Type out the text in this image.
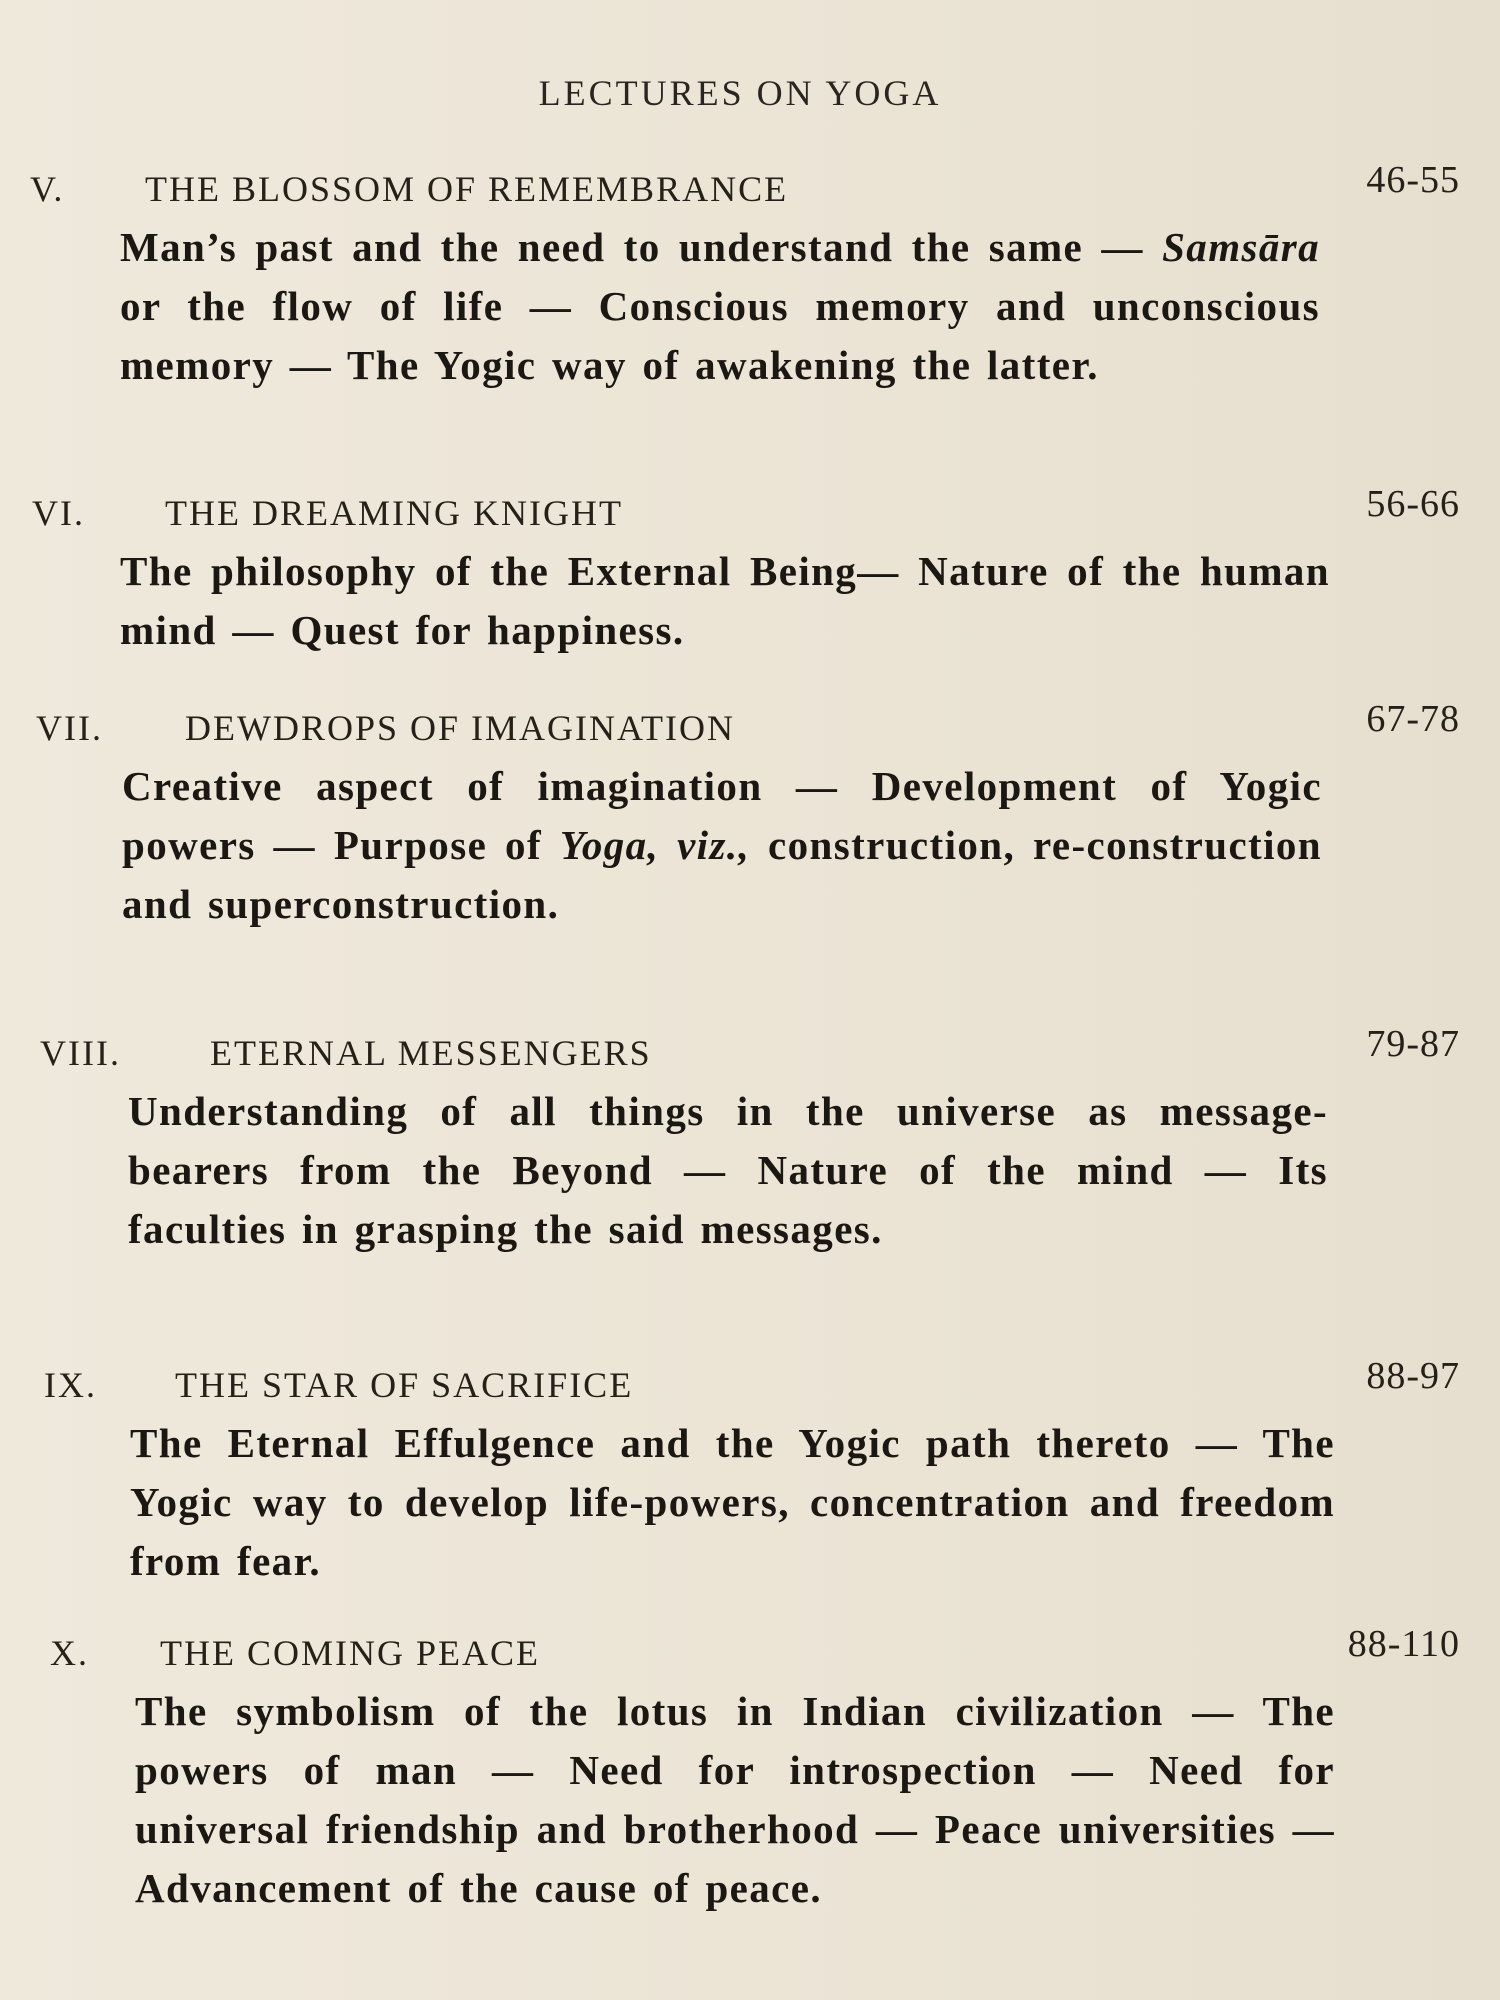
LECTURES ON YOGA
V. THE BLOSSOM OF REMEMBRANCE	46-55

Man’s past and the need to understand the same — Samsāra or the flow of life — Conscious memory and unconscious memory — The Yogic way of awakening the latter.

VI. THE DREAMING KNIGHT	56-66

The philosophy of the External Being— Nature of the human mind — Quest for happiness.

VII. DEWDROPS OF IMAGINATION	67-78

Creative aspect of imagination — Development of Yogic powers — Purpose of Yoga, viz., construction, re-construction and superconstruction.

VIII. ETERNAL MESSENGERS	79-87

Understanding of all things in the universe as message-bearers from the Beyond — Nature of the mind — Its faculties in grasping the said messages.

IX. THE STAR OF SACRIFICE	88-97

The Eternal Effulgence and the Yogic path thereto — The Yogic way to develop life-powers, concentration and freedom from fear.

X. THE COMING PEACE	88-110

The symbolism of the lotus in Indian civilization — The powers of man — Need for introspection — Need for universal friendship and brotherhood — Peace universities — Advancement of the cause of peace.
